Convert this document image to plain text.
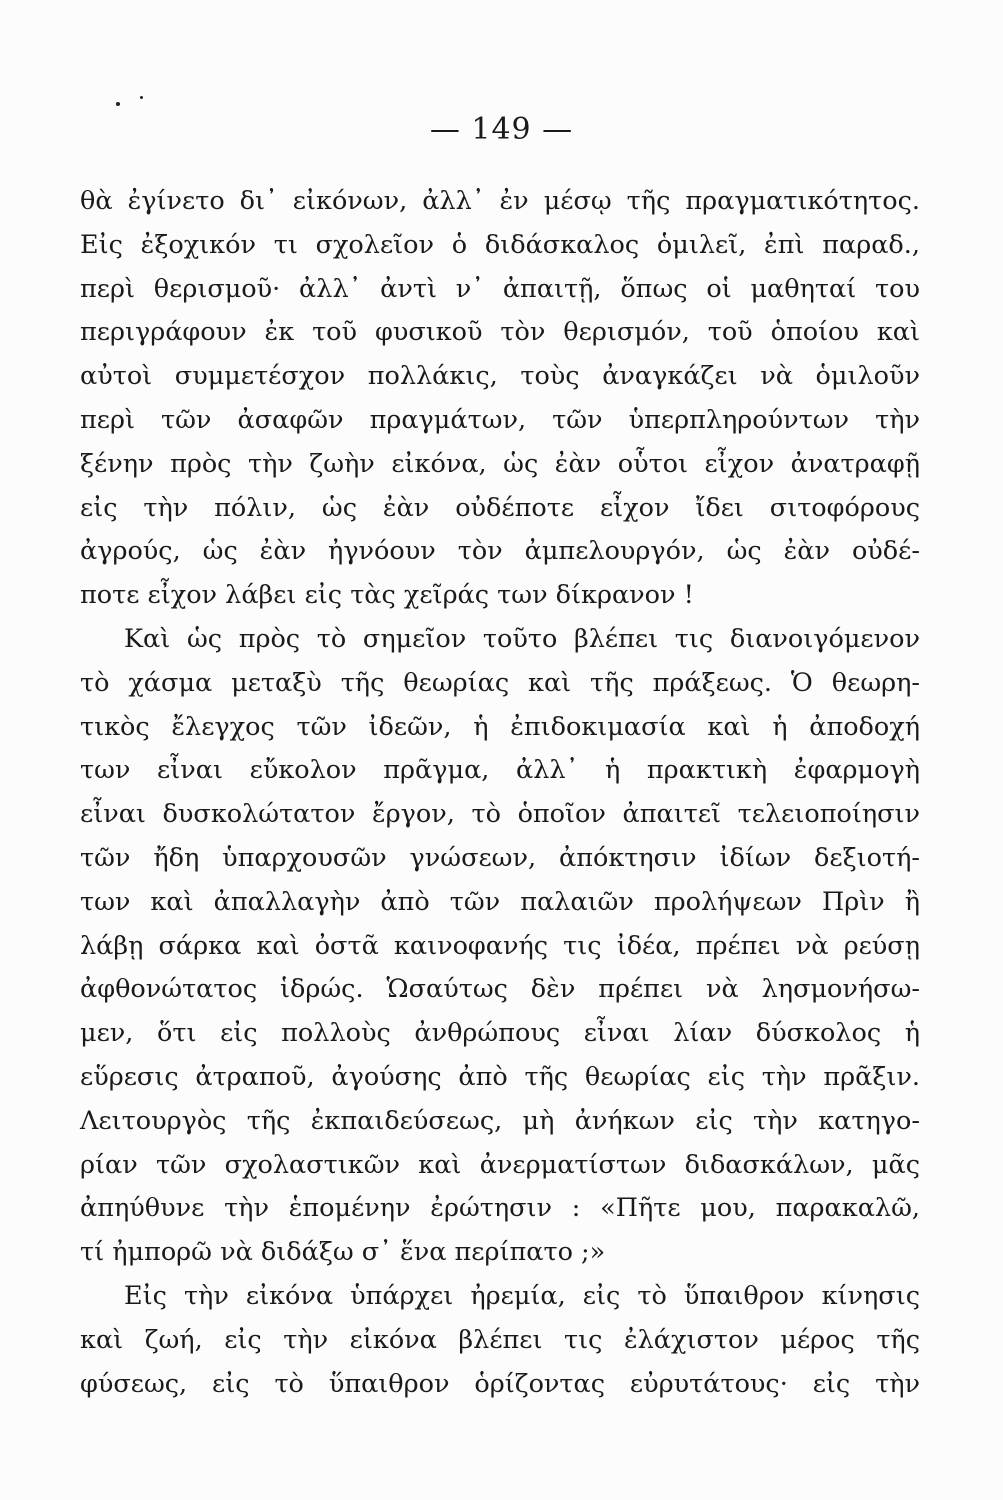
— 149 —
θὰ ἐγίνετο δι᾽ εἰκόνων, ἀλλ᾽ ἐν μέσῳ τῆς πραγματικότητος.
Εἰς ἐξοχικόν τι σχολεῖον ὁ διδάσκαλος ὁμιλεῖ, ἐπὶ παραδ.,
περὶ θερισμοῦ· ἀλλ᾽ ἀντὶ ν᾽ ἀπαιτῇ, ὅπως οἱ μαθηταί του
περιγράφουν ἐκ τοῦ φυσικοῦ τὸν θερισμόν, τοῦ ὁποίου καὶ
αὐτοὶ συμμετέσχον πολλάκις, τοὺς ἀναγκάζει νὰ ὁμιλοῦν
περὶ τῶν ἀσαφῶν πραγμάτων, τῶν ὑπερπληρούντων τὴν
ξένην πρὸς τὴν ζωὴν εἰκόνα, ὡς ἐὰν οὗτοι εἶχον ἀνατραφῇ
εἰς τὴν πόλιν, ὡς ἐὰν οὐδέποτε εἶχον ἴδει σιτοφόρους
ἀγρούς, ὡς ἐὰν ἠγνόουν τὸν ἀμπελουργόν, ὡς ἐὰν οὐδέ-
ποτε εἶχον λάβει εἰς τὰς χεῖράς των δίκρανον !
Καὶ ὡς πρὸς τὸ σημεῖον τοῦτο βλέπει τις διανοιγόμενον
τὸ χάσμα μεταξὺ τῆς θεωρίας καὶ τῆς πράξεως. Ὁ θεωρη-
τικὸς ἔλεγχος τῶν ἰδεῶν, ἡ ἐπιδοκιμασία καὶ ἡ ἀποδοχή
των εἶναι εὔκολον πρᾶγμα, ἀλλ᾽ ἡ πρακτικὴ ἐφαρμογὴ
εἶναι δυσκολώτατον ἔργον, τὸ ὁποῖον ἀπαιτεῖ τελειοποίησιν
τῶν ἤδη ὑπαρχουσῶν γνώσεων, ἀπόκτησιν ἰδίων δεξιοτή-
των καὶ ἀπαλλαγὴν ἀπὸ τῶν παλαιῶν προλήψεων Πρὶν ἢ
λάβῃ σάρκα καὶ ὀστᾶ καινοφανής τις ἰδέα, πρέπει νὰ ρεύσῃ
ἀφθονώτατος ἱδρώς. Ὡσαύτως δὲν πρέπει νὰ λησμονήσω-
μεν, ὅτι εἰς πολλοὺς ἀνθρώπους εἶναι λίαν δύσκολος ἡ
εὕρεσις ἀτραποῦ, ἀγούσης ἀπὸ τῆς θεωρίας εἰς τὴν πρᾶξιν.
Λειτουργὸς τῆς ἐκπαιδεύσεως, μὴ ἀνήκων εἰς τὴν κατηγο-
ρίαν τῶν σχολαστικῶν καὶ ἀνερματίστων διδασκάλων, μᾶς
ἀπηύθυνε τὴν ἑπομένην ἐρώτησιν : «Πῆτε μου, παρακαλῶ,
τί ἠμπορῶ νὰ διδάξω σ᾽ ἕνα περίπατο ;»
Εἰς τὴν εἰκόνα ὑπάρχει ἠρεμία, εἰς τὸ ὕπαιθρον κίνησις
καὶ ζωή, εἰς τὴν εἰκόνα βλέπει τις ἐλάχιστον μέρος τῆς
φύσεως, εἰς τὸ ὕπαιθρον ὁρίζοντας εὐρυτάτους· εἰς τὴν
